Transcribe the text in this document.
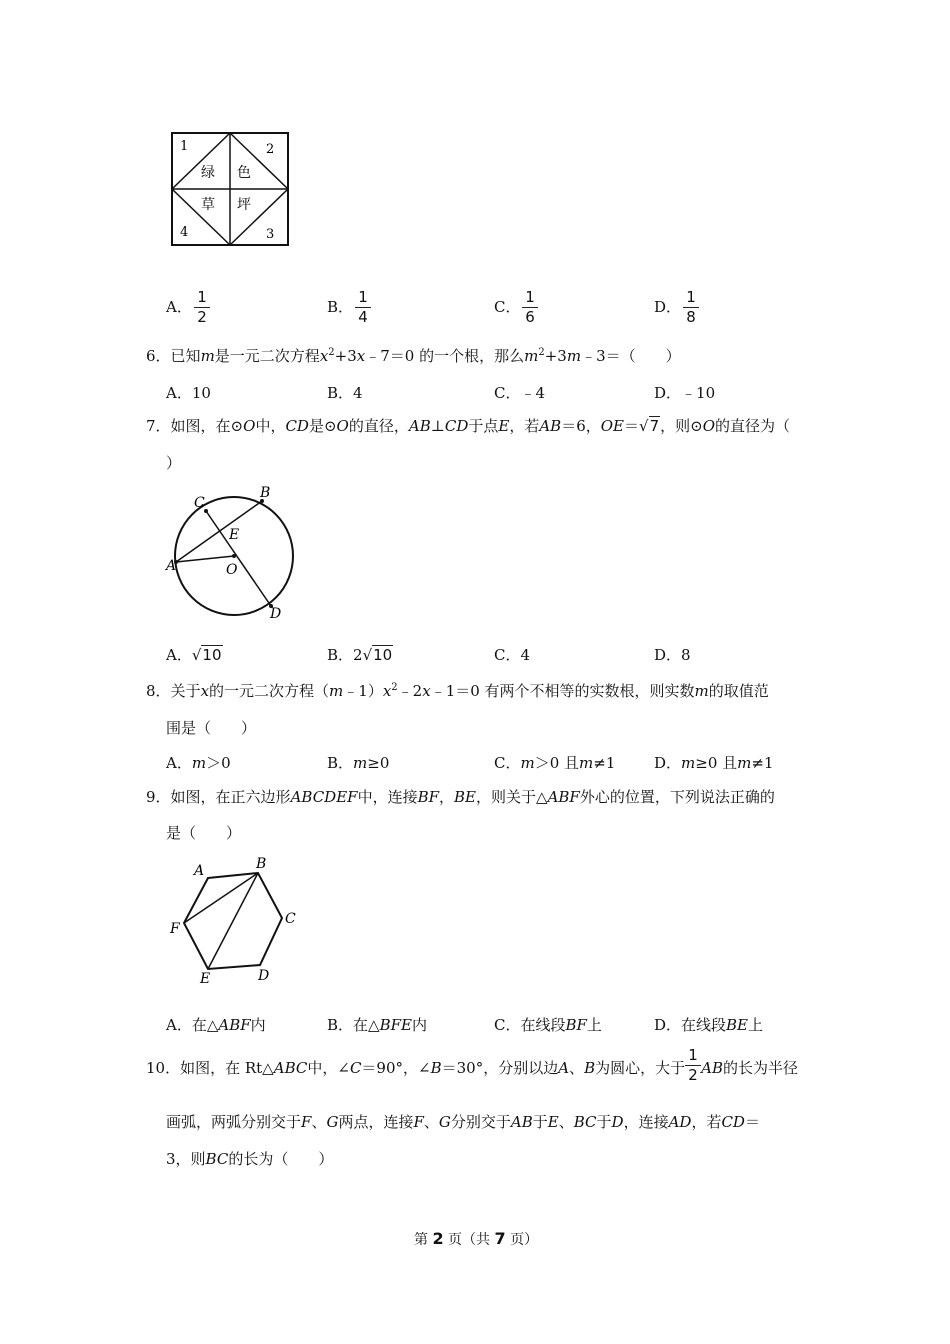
1	2
4	3
绿 色
草 坪
A．
1
2
B．
1
4
C．
1
6
D．
1
8
6．已知m是一元二次方程$x^2+3x﹣7=0$ 的一个根，那么$m^2+3m﹣3=$（　　）
A．10	B．4	C．﹣4	D．﹣10
7．如图，在⊙O中，CD是⊙O的直径，AB⊥CD于点E，若AB＝6，OE＝√7，则⊙O的直径为（
）
A
C
B
E
O
D
A．√10	B．2√10	C．4	D．8
8．关于x的一元二次方程$(m﹣1)x^2﹣2x﹣1=0$ 有两个不相等的实数根，则实数m的取值范
围是（　　）
A．m＞0	B．m≥0	C．m＞0 且m≠1	D．m≥0 且m≠1
9．如图，在正六边形ABCDEF中，连接BF，BE，则关于△ABF外心的位置，下列说法正确的
是（　　）
A	B
C
D
E
F
A．在△ABF内	B．在△BFE内	C．在线段BF上	D．在线段BE上
10．如图，在 Rt△ABC中，∠C＝90°，∠B＝30°，分别以边A、B为圆心，大于 AB的长为半径
1
2
画弧，两弧分别交于F、G两点，连接F、G分别交于AB于E、BC于D，连接AD，若CD＝
3，则BC的长为（　　）
第 2 页（共 7 页）
